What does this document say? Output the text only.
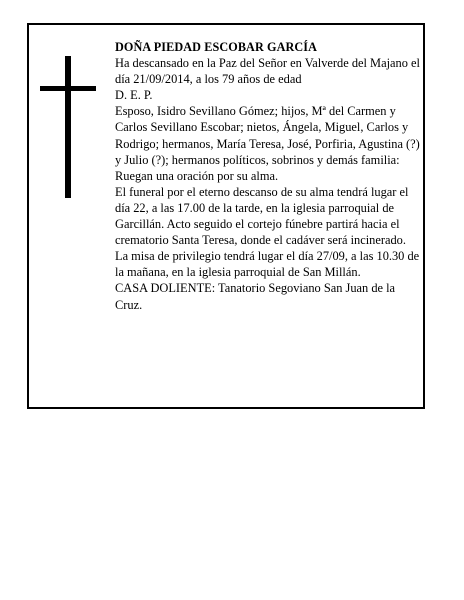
DOÑA PIEDAD ESCOBAR GARCÍA

Ha descansado en la Paz del Señor en Valverde del Majano el día 21/09/2014, a los 79 años de edad

D. E. P.

Esposo, Isidro Sevillano Gómez; hijos, Mª del Carmen y Carlos Sevillano Escobar; nietos, Ángela, Miguel, Carlos y Rodrigo; hermanos, María Teresa, José, Porfiria, Agustina (?) y Julio (?); hermanos políticos, sobrinos y demás familia:

Ruegan una oración por su alma.

El funeral por el eterno descanso de su alma tendrá lugar el día 22, a las 17.00 de la tarde, en la iglesia parroquial de Garcillán. Acto seguido el cortejo fúnebre partirá hacia el crematorio Santa Teresa, donde el cadáver será incinerado. La misa de privilegio tendrá lugar el día 27/09, a las 10.30 de la mañana, en la iglesia parroquial de San Millán.

CASA DOLIENTE: Tanatorio Segoviano San Juan de la Cruz.
